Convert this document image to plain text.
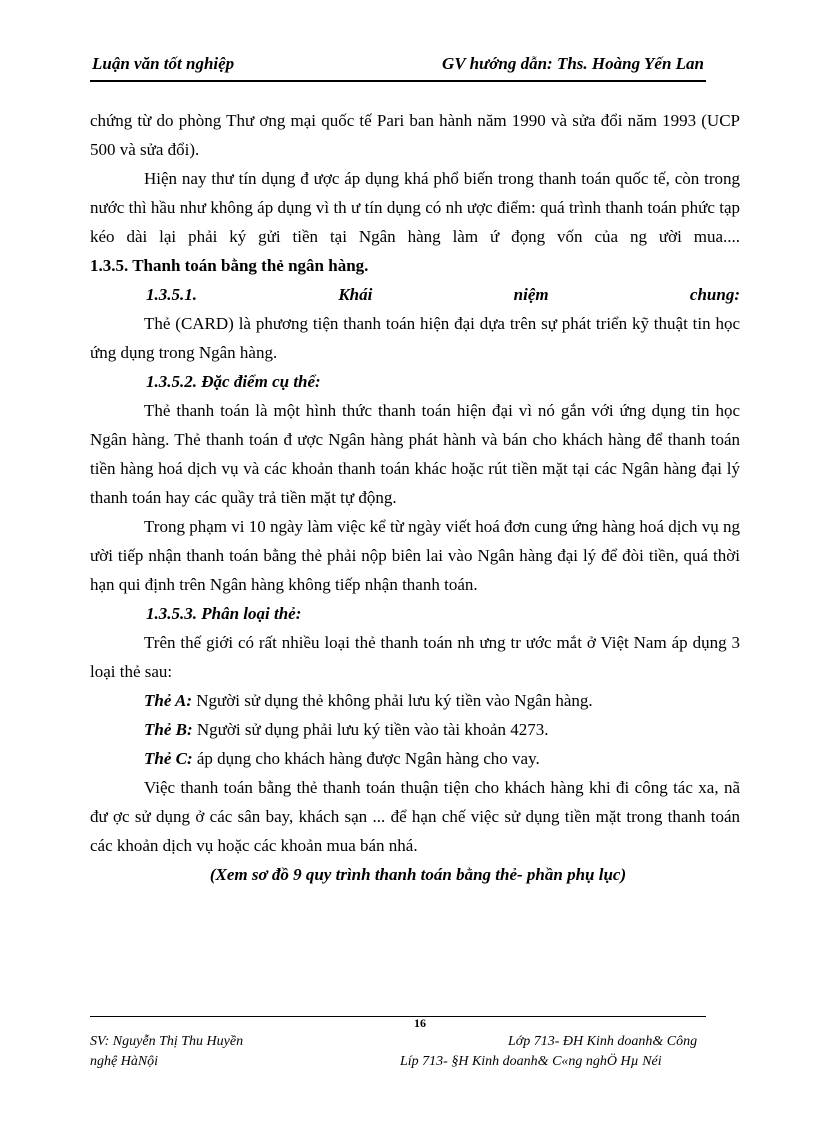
Luận văn tốt nghiệp	GV hướng dẫn: Ths. Hoàng Yến Lan

chứng từ do phòng Thư ơng mại quốc tế Pari ban hành năm 1990 và sửa đổi năm 1993 (UCP 500 và sửa đổi).

Hiện nay thư tín dụng đ ược áp dụng khá phổ biến trong thanh toán quốc tế, còn trong nước thì hầu như không áp dụng vì th ư tín dụng có nh ược điểm: quá trình thanh toán phức tạp kéo dài lại phải ký gửi tiền tại Ngân hàng làm ứ đọng vốn của ng ười mua....

1.3.5. Thanh toán bằng thẻ ngân hàng.

1.3.5.1. Khái niệm chung:

Thẻ (CARD) là phương tiện thanh toán hiện đại dựa trên sự phát triển kỹ thuật tin học ứng dụng trong Ngân hàng.

1.3.5.2. Đặc điểm cụ thể:

Thẻ thanh toán là một hình thức thanh toán hiện đại vì nó gắn với ứng dụng tin học Ngân hàng. Thẻ thanh toán đ ược Ngân hàng phát hành và bán cho khách hàng để thanh toán tiền hàng hoá dịch vụ và các khoản thanh toán khác hoặc rút tiền mặt tại các Ngân hàng đại lý thanh toán hay các quầy trả tiền mặt tự động.

Trong phạm vi 10 ngày làm việc kể từ ngày viết hoá đơn cung ứng hàng hoá dịch vụ ng ười tiếp nhận thanh toán bằng thẻ phải nộp biên lai vào Ngân hàng đại lý để đòi tiền, quá thời hạn qui định trên Ngân hàng không tiếp nhận thanh toán.

1.3.5.3. Phân loại thẻ:

Trên thế giới có rất nhiều loại thẻ thanh toán nh ưng tr ước mắt ở Việt Nam áp dụng 3 loại thẻ sau:

Thẻ A: Người sử dụng thẻ không phải lưu ký tiền vào Ngân hàng.

Thẻ B: Người sử dụng phải lưu ký tiền vào tài khoản 4273.

Thẻ C: áp dụng cho khách hàng được Ngân hàng cho vay.

Việc thanh toán bằng thẻ thanh toán thuận tiện cho khách hàng khi đi công tác xa, nã đư ợc sử dụng ở các sân bay, khách sạn ... để hạn chế việc sử dụng tiền mặt trong thanh toán các khoản dịch vụ hoặc các khoản mua bán nhá.

(Xem sơ đồ 9 quy trình thanh toán bằng thẻ- phần phụ lục)

16
SV: Nguyễn Thị Thu Huyền	Lớp 713- ĐH Kinh doanh& Công
nghệ HàNội	Líp 713- §H Kinh doanh& C«ng nghÖ Hµ Néi
